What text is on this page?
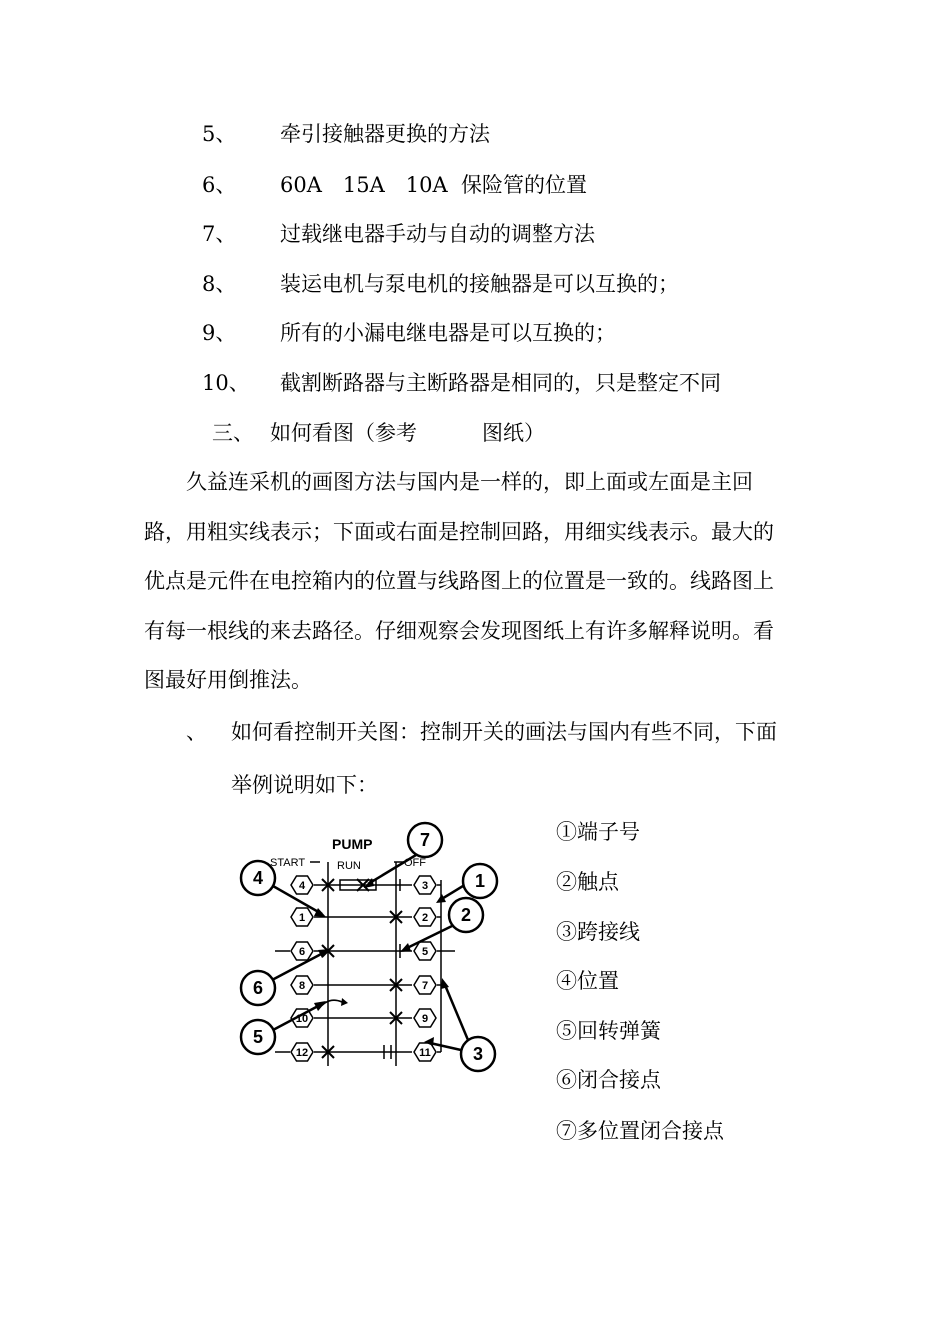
5、 牵引接触器更换的方法
6、 60A　15A　10A  保险管的位置
7、 过载继电器手动与自动的调整方法
8、 装运电机与泵电机的接触器是可以互换的；
9、 所有的小漏电继电器是可以互换的；
10、 截割断路器与主断路器是相同的，只是整定不同
三、 如何看图（参考	图纸）
久益连采机的画图方法与国内是一样的，即上面或左面是主回
路，用粗实线表示；下面或右面是控制回路，用细实线表示。最大的
优点是元件在电控箱内的位置与线路图上的位置是一致的。线路图上
有每一根线的来去路径。仔细观察会发现图纸上有许多解释说明。看
图最好用倒推法。
、 如何看控制开关图：控制开关的画法与国内有些不同，下面
举例说明如下：
PUMP
START	RUN	OFF
7
4	1
2
6
5
3
4
1
6
8
10
12
3
2
5
7
9
11
①端子号
②触点
③跨接线
④位置
⑤回转弹簧
⑥闭合接点
⑦多位置闭合接点
